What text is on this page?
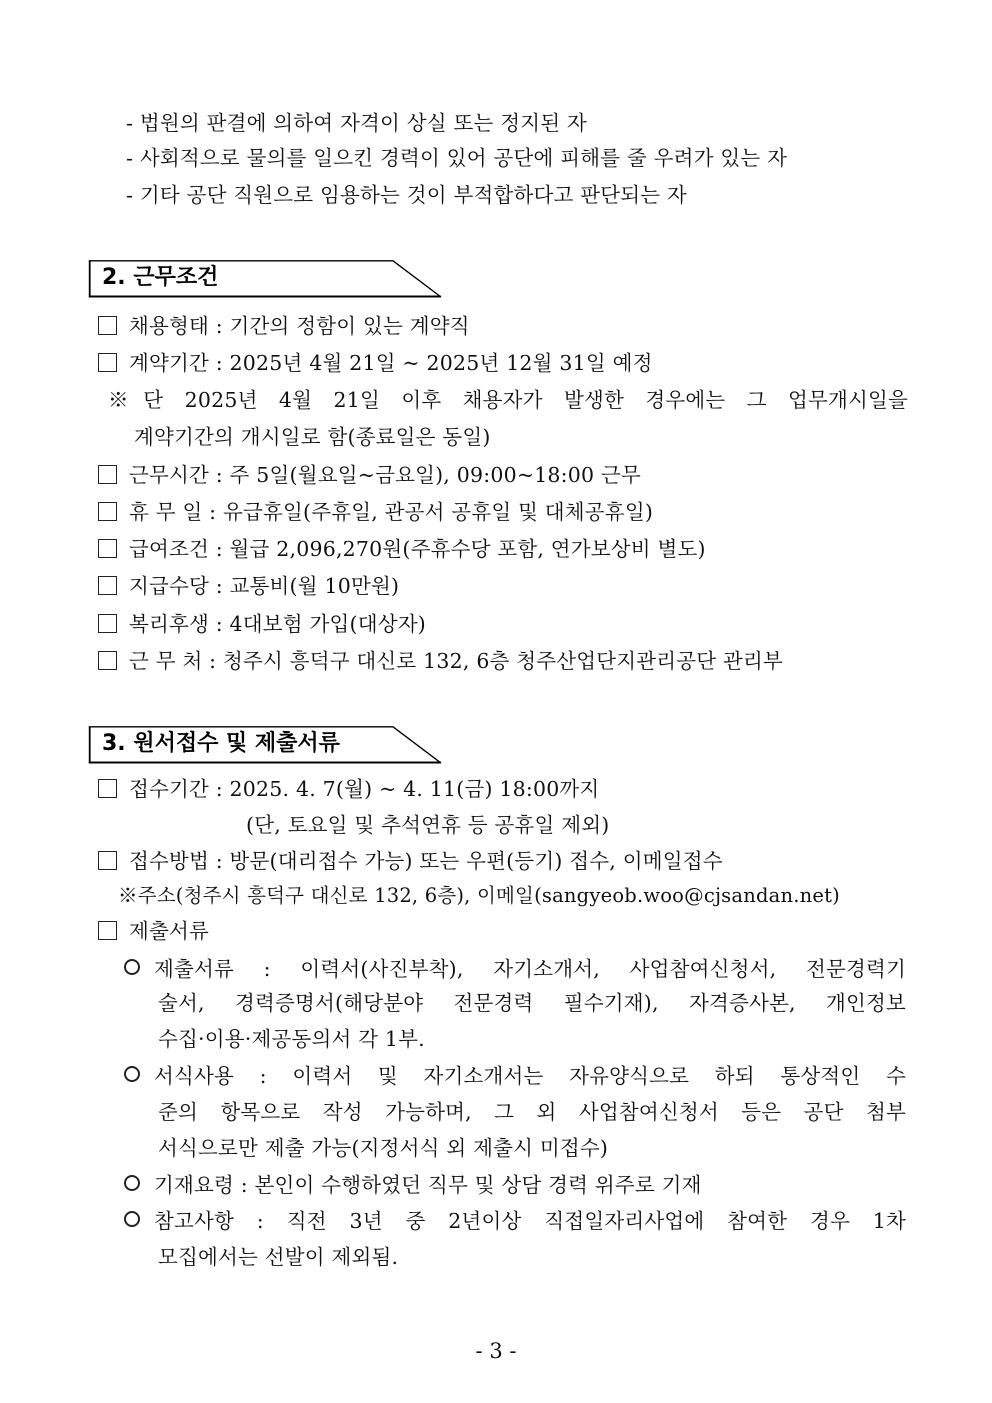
- 법원의 판결에 의하여 자격이 상실 또는 정지된 자
- 사회적으로 물의를 일으킨 경력이 있어 공단에 피해를 줄 우려가 있는 자
- 기타 공단 직원으로 임용하는 것이 부적합하다고 판단되는 자
2. 근무조건
채용형태 : 기간의 정함이 있는 계약직
계약기간 : 2025년 4월 21일 ~ 2025년 12월 31일 예정
※단 2025년 4월 21일 이후 채용자가 발생한 경우에는 그 업무개시일을
계약기간의 개시일로 함(종료일은 동일)
근무시간 : 주 5일(월요일~금요일), 09:00~18:00 근무
휴 무 일 : 유급휴일(주휴일, 관공서 공휴일 및 대체공휴일)
급여조건 : 월급 2,096,270원(주휴수당 포함, 연가보상비 별도)
지급수당 : 교통비(월 10만원)
복리후생 : 4대보험 가입(대상자)
근 무 처 : 청주시 흥덕구 대신로 132, 6층 청주산업단지관리공단 관리부
3. 원서접수 및 제출서류
접수기간 : 2025. 4. 7(월) ~ 4. 11(금) 18:00까지
(단, 토요일 및 추석연휴 등 공휴일 제외)
접수방법 : 방문(대리접수 가능) 또는 우편(등기) 접수, 이메일접수
※주소(청주시 흥덕구 대신로 132, 6층), 이메일(sangyeob.woo@cjsandan.net)
제출서류
제출서류 : 이력서(사진부착), 자기소개서, 사업참여신청서, 전문경력기
술서, 경력증명서(해당분야 전문경력 필수기재), 자격증사본, 개인정보
수집·이용·제공동의서 각 1부.
서식사용 : 이력서 및 자기소개서는 자유양식으로 하되 통상적인 수
준의 항목으로 작성 가능하며, 그 외 사업참여신청서 등은 공단 첨부
서식으로만 제출 가능(지정서식 외 제출시 미접수)
기재요령 : 본인이 수행하였던 직무 및 상담 경력 위주로 기재
참고사항 : 직전 3년 중 2년이상 직접일자리사업에 참여한 경우 1차
모집에서는 선발이 제외됨.
- 3 -
